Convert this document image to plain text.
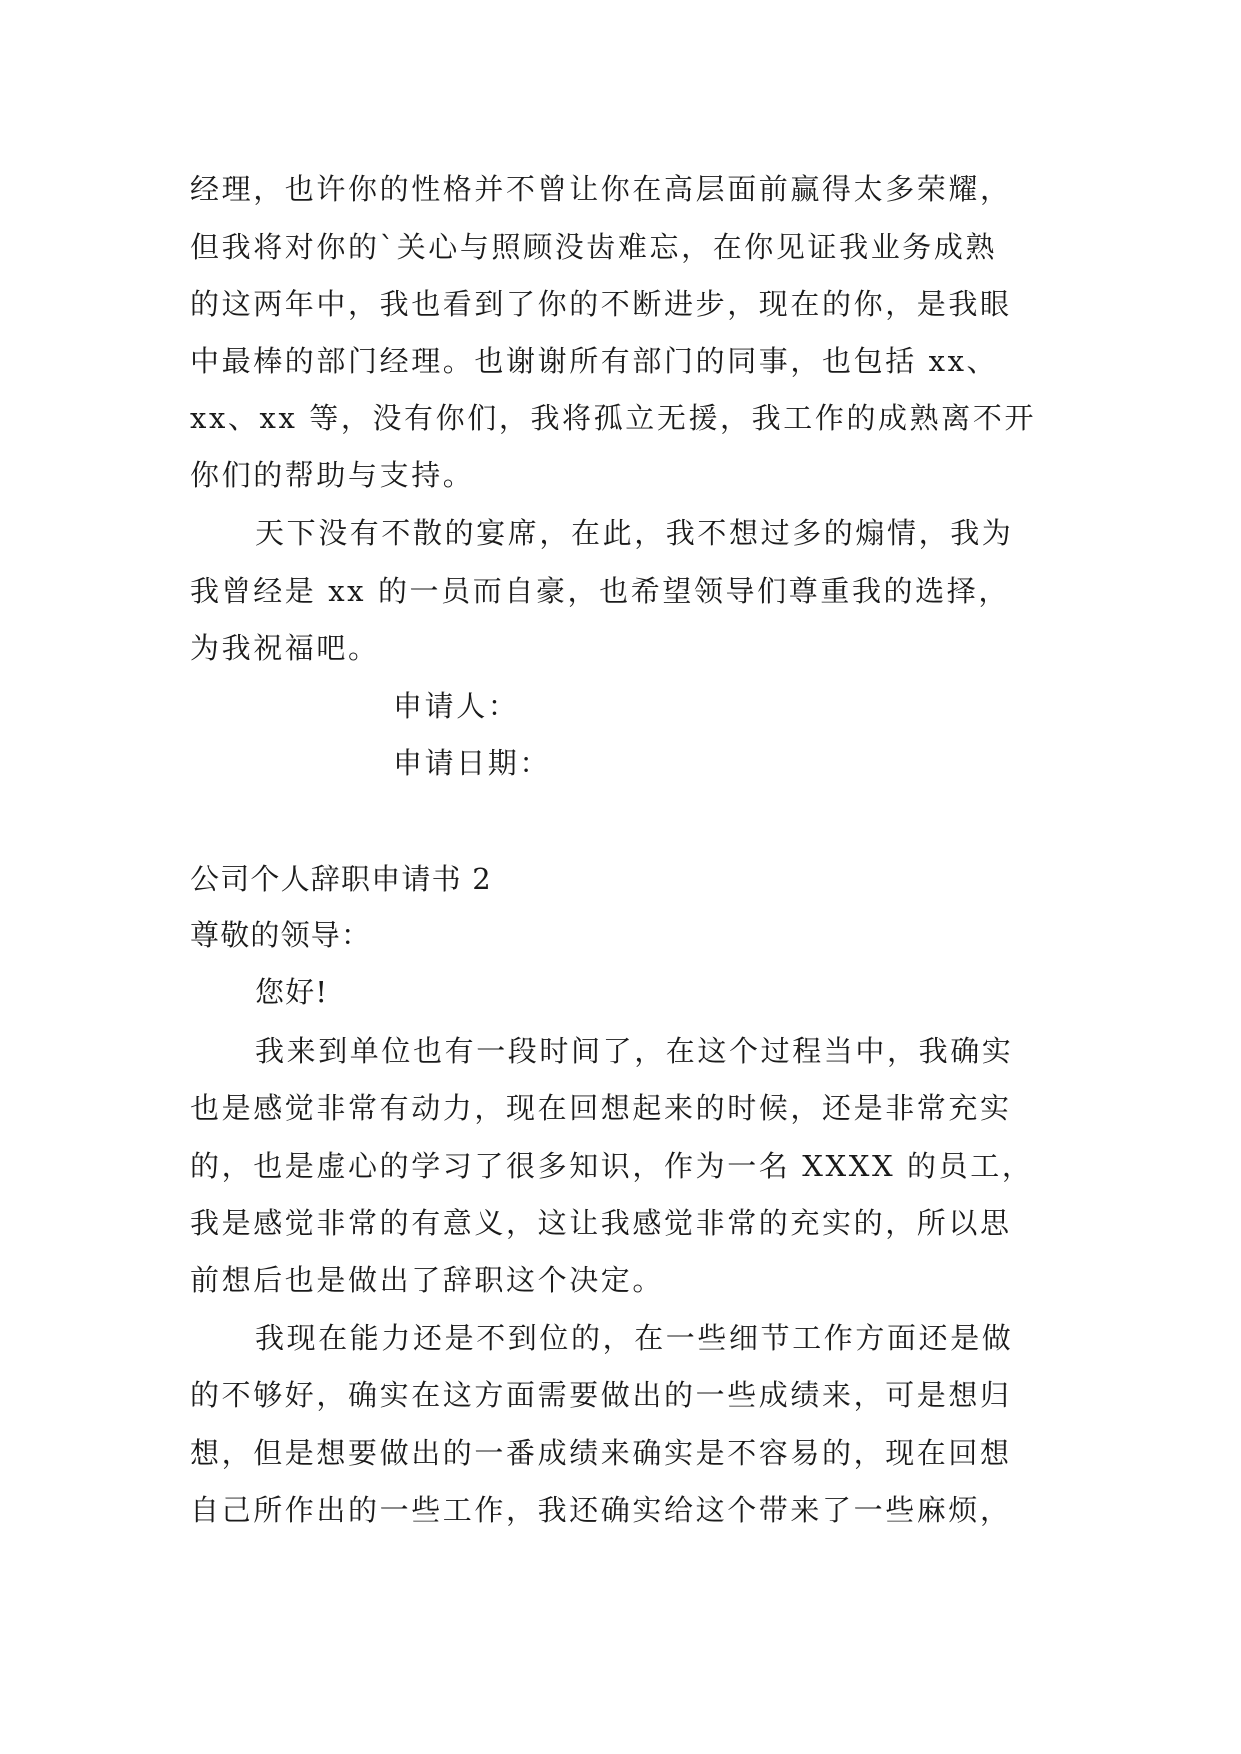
经理，也许你的性格并不曾让你在高层面前赢得太多荣耀，
但我将对你的`关心与照顾没齿难忘，在你见证我业务成熟
的这两年中，我也看到了你的不断进步，现在的你，是我眼
中最棒的部门经理。也谢谢所有部门的同事，也包括 xx、
xx、xx 等，没有你们，我将孤立无援，我工作的成熟离不开
你们的帮助与支持。
天下没有不散的宴席，在此，我不想过多的煽情，我为
我曾经是 xx 的一员而自豪，也希望领导们尊重我的选择，
为我祝福吧。
申请人：
申请日期：
公司个人辞职申请书 2
尊敬的领导：
您好!
我来到单位也有一段时间了，在这个过程当中，我确实
也是感觉非常有动力，现在回想起来的时候，还是非常充实
的，也是虚心的学习了很多知识，作为一名 XXXX 的员工，
我是感觉非常的有意义，这让我感觉非常的充实的，所以思
前想后也是做出了辞职这个决定。
我现在能力还是不到位的，在一些细节工作方面还是做
的不够好，确实在这方面需要做出的一些成绩来，可是想归
想，但是想要做出的一番成绩来确实是不容易的，现在回想
自己所作出的一些工作，我还确实给这个带来了一些麻烦，
